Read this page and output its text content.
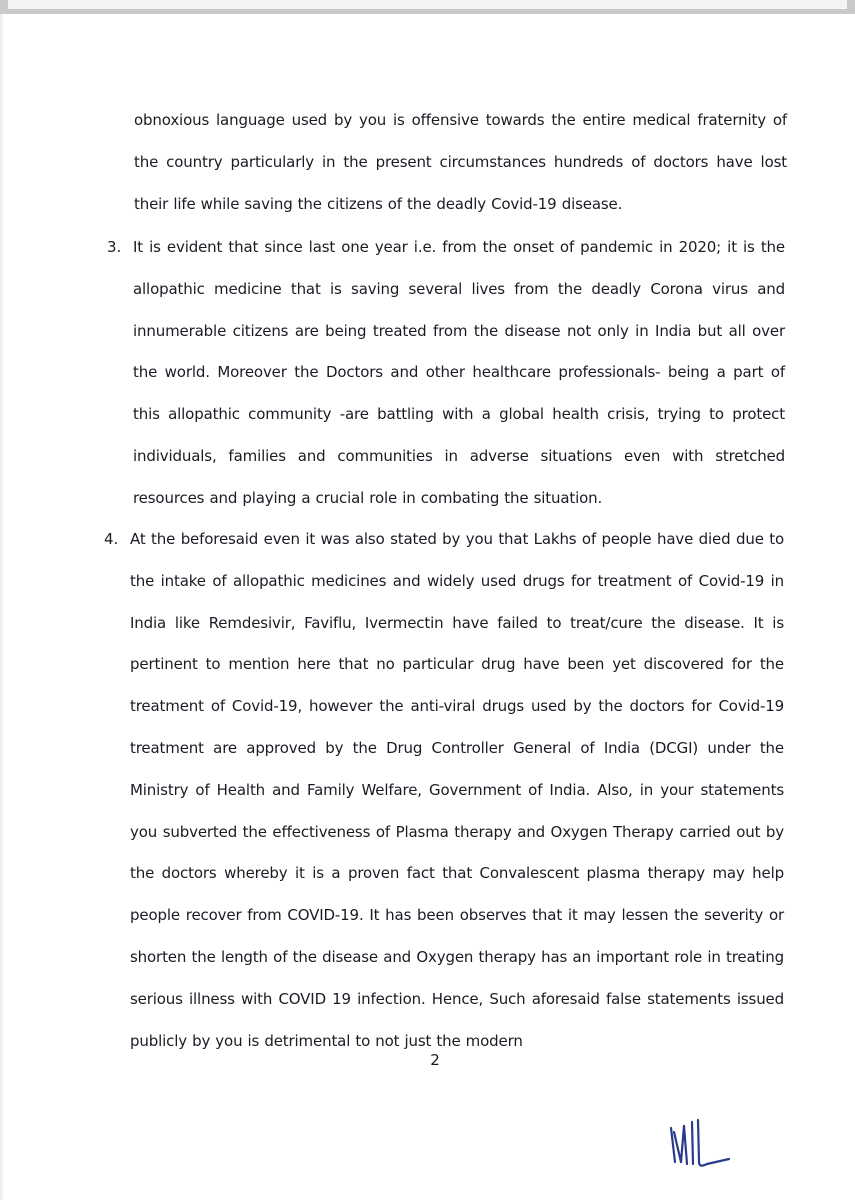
obnoxious language used by you is offensive towards the entire medical fraternity of the country particularly in the present circumstances hundreds of doctors have lost their life while saving the citizens of the deadly Covid-19 disease.

3. It is evident that since last one year i.e. from the onset of pandemic in 2020; it is the allopathic medicine that is saving several lives from the deadly Corona virus and innumerable citizens are being treated from the disease not only in India but all over the world. Moreover the Doctors and other healthcare professionals- being a part of this allopathic community -are battling with a global health crisis, trying to protect individuals, families and communities in adverse situations even with stretched resources and playing a crucial role in combating the situation.

4. At the beforesaid even it was also stated by you that Lakhs of people have died due to the intake of allopathic medicines and widely used drugs for treatment of Covid-19 in India like Remdesivir, Faviflu, Ivermectin have failed to treat/cure the disease. It is pertinent to mention here that no particular drug have been yet discovered for the treatment of Covid-19, however the anti-viral drugs used by the doctors for Covid-19 treatment are approved by the Drug Controller General of India (DCGI) under the Ministry of Health and Family Welfare, Government of India. Also, in your statements you subverted the effectiveness of Plasma therapy and Oxygen Therapy carried out by the doctors whereby it is a proven fact that Convalescent plasma therapy may help people recover from COVID-19. It has been observes that it may lessen the severity or shorten the length of the disease and Oxygen therapy has an important role in treating serious illness with COVID 19 infection. Hence, Such aforesaid false statements issued publicly by you is detrimental to not just the modern

2
